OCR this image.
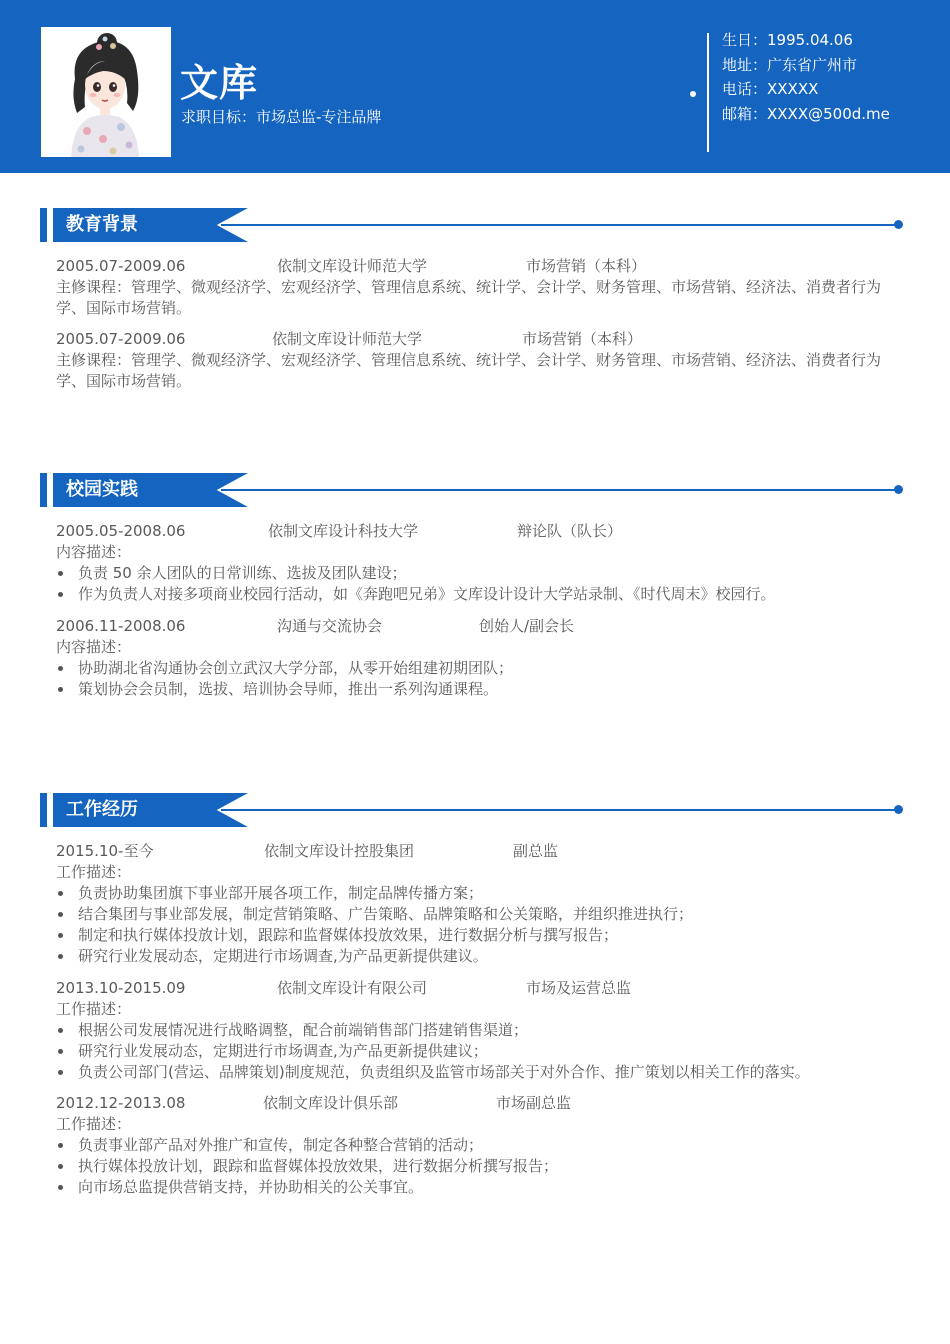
文库
求职目标：市场总监-专注品牌
生日：1995.04.06
地址：广东省广州市
电话：XXXXX
邮箱：XXXX@500d.me
教育背景
2005.07-2009.06	依制文库设计师范大学	市场营销（本科）
主修课程：管理学、微观经济学、宏观经济学、管理信息系统、统计学、会计学、财务管理、市场营销、经济法、消费者行为学、国际市场营销。
2005.07-2009.06	依制文库设计师范大学	市场营销（本科）
主修课程：管理学、微观经济学、宏观经济学、管理信息系统、统计学、会计学、财务管理、市场营销、经济法、消费者行为学、国际市场营销。
校园实践
2005.05-2008.06	依制文库设计科技大学	辩论队（队长）
内容描述：
负责 50 余人团队的日常训练、选拔及团队建设；
作为负责人对接多项商业校园行活动，如《奔跑吧兄弟》文库设计设计大学站录制、《时代周末》校园行。
2006.11-2008.06	沟通与交流协会	创始人/副会长
内容描述：
协助湖北省沟通协会创立武汉大学分部，从零开始组建初期团队；
策划协会会员制，选拔、培训协会导师，推出一系列沟通课程。
工作经历
2015.10-至今	依制文库设计控股集团	副总监
工作描述：
负责协助集团旗下事业部开展各项工作，制定品牌传播方案；
结合集团与事业部发展，制定营销策略、广告策略、品牌策略和公关策略，并组织推进执行；
制定和执行媒体投放计划，跟踪和监督媒体投放效果，进行数据分析与撰写报告；
研究行业发展动态，定期进行市场调查,为产品更新提供建议。
2013.10-2015.09	依制文库设计有限公司	市场及运营总监
工作描述：
根据公司发展情况进行战略调整，配合前端销售部门搭建销售渠道；
研究行业发展动态，定期进行市场调查,为产品更新提供建议；
负责公司部门(营运、品牌策划)制度规范，负责组织及监管市场部关于对外合作、推广策划以相关工作的落实。
2012.12-2013.08	依制文库设计俱乐部	市场副总监
工作描述：
负责事业部产品对外推广和宣传，制定各种整合营销的活动；
执行媒体投放计划，跟踪和监督媒体投放效果，进行数据分析撰写报告；
向市场总监提供营销支持，并协助相关的公关事宜。
